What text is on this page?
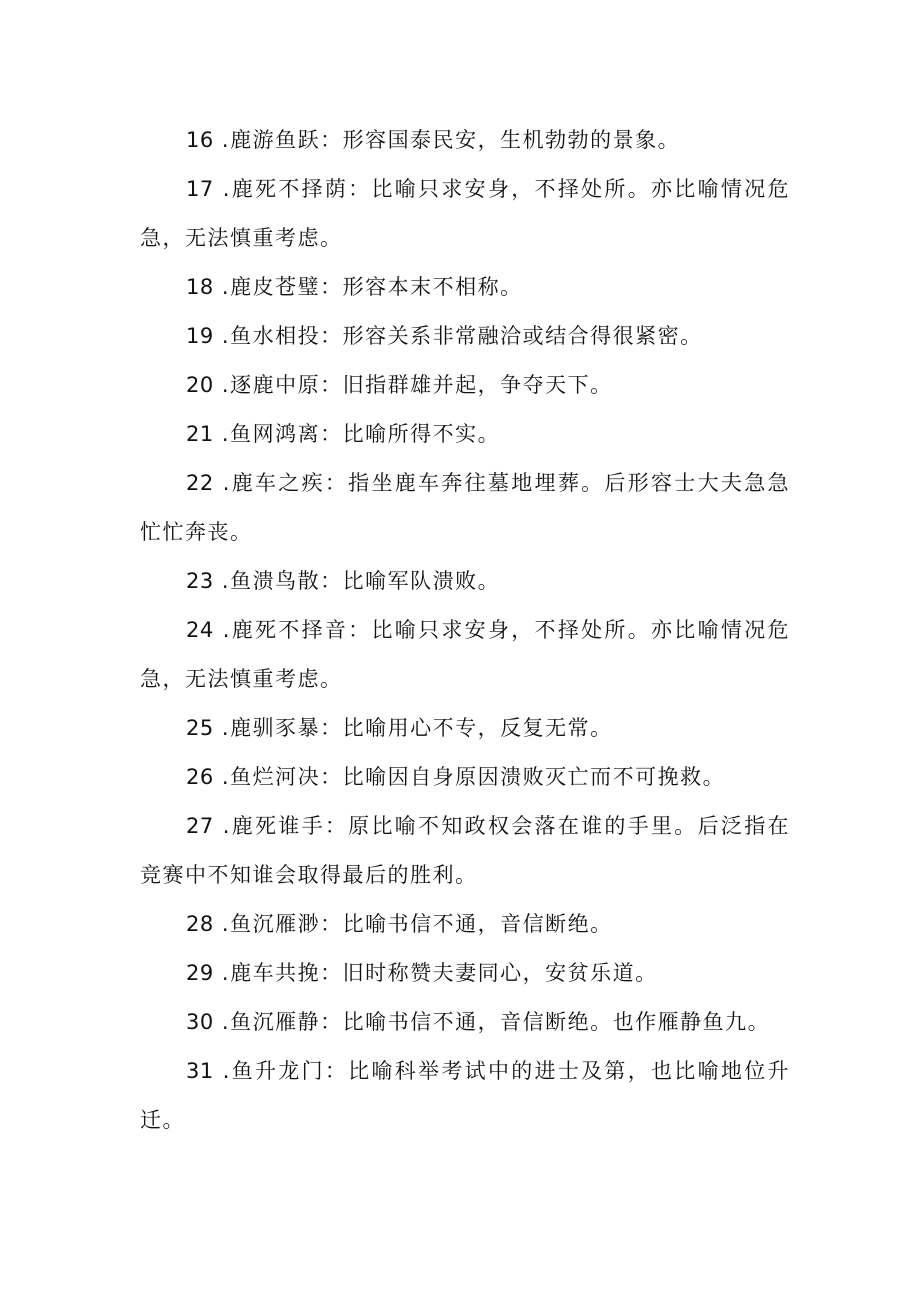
16 .鹿游鱼跃：形容国泰民安，生机勃勃的景象。

17 .鹿死不择荫：比喻只求安身，不择处所。亦比喻情况危急，无法慎重考虑。

18 .鹿皮苍璧：形容本末不相称。

19 .鱼水相投：形容关系非常融洽或结合得很紧密。

20 .逐鹿中原：旧指群雄并起，争夺天下。

21 .鱼网鸿离：比喻所得不实。

22 .鹿车之疾：指坐鹿车奔往墓地埋葬。后形容士大夫急急忙忙奔丧。

23 .鱼溃鸟散：比喻军队溃败。

24 .鹿死不择音：比喻只求安身，不择处所。亦比喻情况危急，无法慎重考虑。

25 .鹿驯豕暴：比喻用心不专，反复无常。

26 .鱼烂河决：比喻因自身原因溃败灭亡而不可挽救。

27 .鹿死谁手：原比喻不知政权会落在谁的手里。后泛指在竞赛中不知谁会取得最后的胜利。

28 .鱼沉雁渺：比喻书信不通，音信断绝。

29 .鹿车共挽：旧时称赞夫妻同心，安贫乐道。

30 .鱼沉雁静：比喻书信不通，音信断绝。也作雁静鱼九。

31 .鱼升龙门：比喻科举考试中的进士及第，也比喻地位升迁。
